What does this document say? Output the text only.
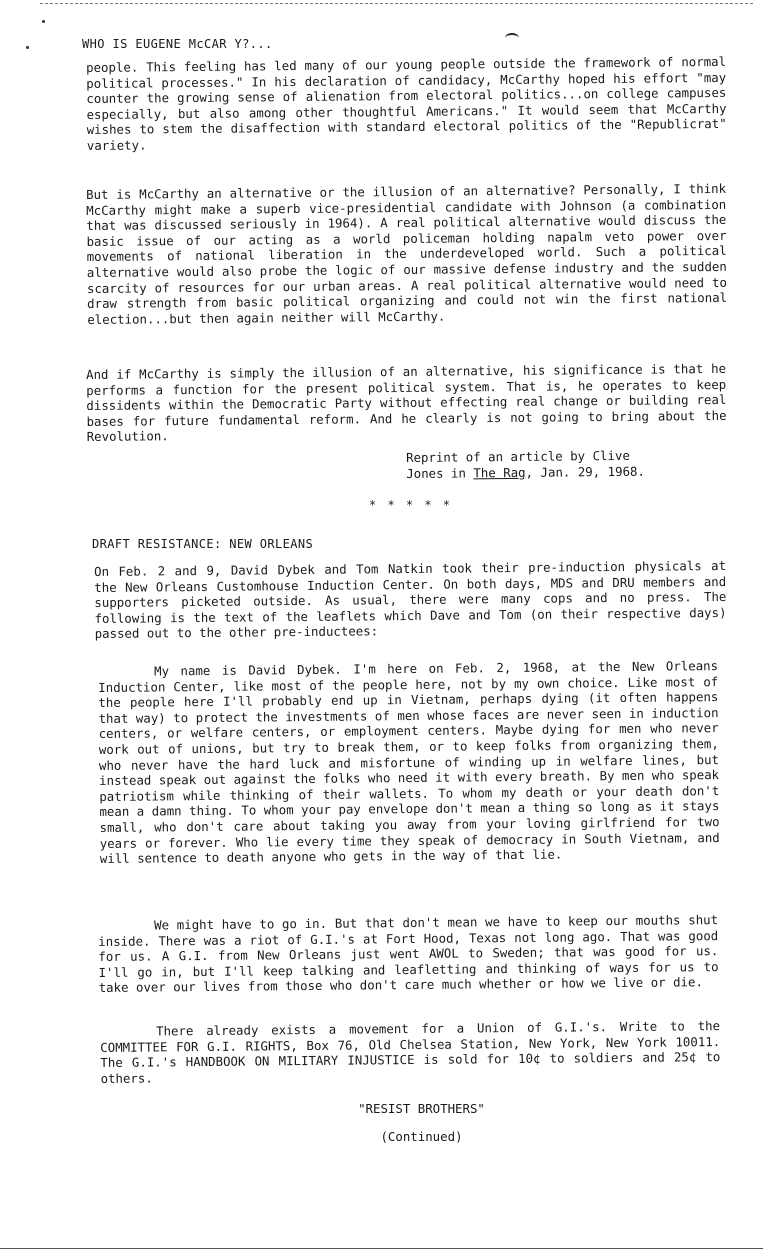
WHO IS EUGENE McCAR Y?...
people. This feeling has led many of our young people outside the framework of normal political processes." In his declaration of candidacy, McCarthy hoped his effort "may counter the growing sense of alienation from electoral politics...on college campuses especially, but also among other thoughtful Americans." It would seem that McCarthy wishes to stem the disaffection with standard electoral politics of the "Republicrat" variety.
But is McCarthy an alternative or the illusion of an alternative? Personally, I think McCarthy might make a superb vice-presidential candidate with Johnson (a combination that was discussed seriously in 1964). A real political alternative would discuss the basic issue of our acting as a world policeman holding napalm veto power over movements of national liberation in the underdeveloped world. Such a political alternative would also probe the logic of our massive defense industry and the sudden scarcity of resources for our urban areas. A real political alternative would need to draw strength from basic political organizing and could not win the first national election...but then again neither will McCarthy.
And if McCarthy is simply the illusion of an alternative, his significance is that he performs a function for the present political system. That is, he operates to keep dissidents within the Democratic Party without effecting real change or building real bases for future fundamental reform. And he clearly is not going to bring about the Revolution.
Reprint of an article by Clive
Jones in The Rag, Jan. 29, 1968.
* * * * *
DRAFT RESISTANCE: NEW ORLEANS
On Feb. 2 and 9, David Dybek and Tom Natkin took their pre-induction physicals at the New Orleans Customhouse Induction Center. On both days, MDS and DRU members and supporters picketed outside. As usual, there were many cops and no press. The following is the text of the leaflets which Dave and Tom (on their respective days) passed out to the other pre-inductees:
My name is David Dybek. I'm here on Feb. 2, 1968, at the New Orleans Induction Center, like most of the people here, not by my own choice. Like most of the people here I'll probably end up in Vietnam, perhaps dying (it often happens that way) to protect the investments of men whose faces are never seen in induction centers, or welfare centers, or employment centers. Maybe dying for men who never work out of unions, but try to break them, or to keep folks from organizing them, who never have the hard luck and misfortune of winding up in welfare lines, but instead speak out against the folks who need it with every breath. By men who speak patriotism while thinking of their wallets. To whom my death or your death don't mean a damn thing. To whom your pay envelope don't mean a thing so long as it stays small, who don't care about taking you away from your loving girlfriend for two years or forever. Who lie every time they speak of democracy in South Vietnam, and will sentence to death anyone who gets in the way of that lie.
We might have to go in. But that don't mean we have to keep our mouths shut inside. There was a riot of G.I.'s at Fort Hood, Texas not long ago. That was good for us. A G.I. from New Orleans just went AWOL to Sweden; that was good for us. I'll go in, but I'll keep talking and leafletting and thinking of ways for us to take over our lives from those who don't care much whether or how we live or die.
There already exists a movement for a Union of G.I.'s. Write to the COMMITTEE FOR G.I. RIGHTS, Box 76, Old Chelsea Station, New York, New York 10011. The G.I.'s HANDBOOK ON MILITARY INJUSTICE is sold for 10¢ to soldiers and 25¢ to others.
"RESIST BROTHERS"
(Continued)
